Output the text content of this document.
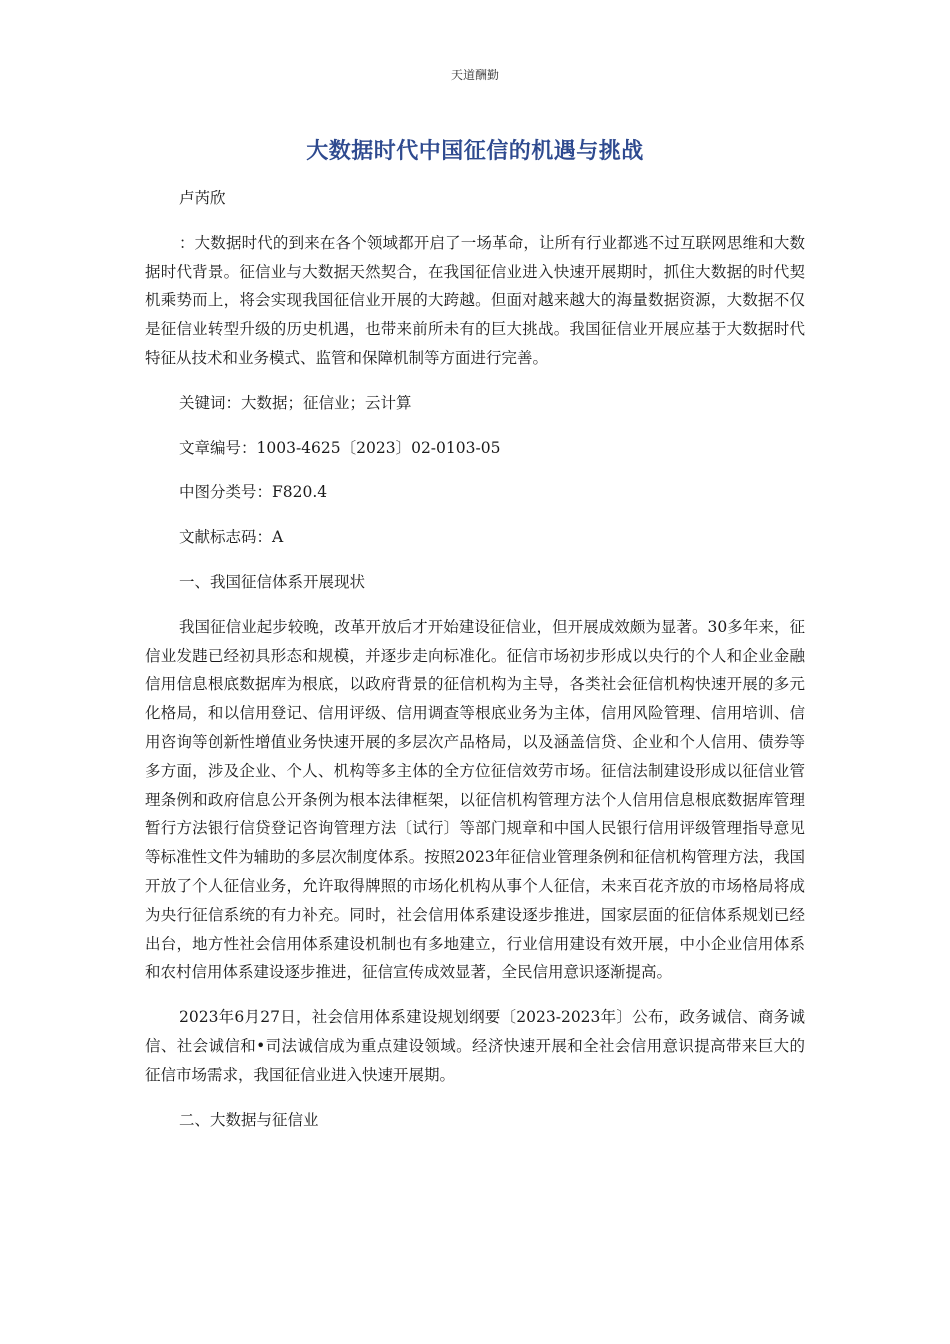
天道酬勤
大数据时代中国征信的机遇与挑战

卢芮欣

：大数据时代的到来在各个领域都开启了一场革命，让所有行业都逃不过互联网思维和大数据时代背景。征信业与大数据天然契合，在我国征信业进入快速开展期时，抓住大数据的时代契机乘势而上，将会实现我国征信业开展的大跨越。但面对越来越大的海量数据资源，大数据不仅是征信业转型升级的历史机遇，也带来前所未有的巨大挑战。我国征信业开展应基于大数据时代特征从技术和业务模式、监管和保障机制等方面进行完善。

关键词：大数据；征信业；云计算

文章编号：1003-4625〔2023〕02-0103-05

中图分类号：F820.4

文献标志码：A

一、我国征信体系开展现状

我国征信业起步较晚，改革开放后才开始建设征信业，但开展成效颇为显著。30多年来，征信业发韪已经初具形态和规模，并逐步走向标准化。征信市场初步形成以央行的个人和企业金融信用信息根底数据库为根底，以政府背景的征信机构为主导，各类社会征信机构快速开展的多元化格局，和以信用登记、信用评级、信用调查等根底业务为主体，信用风险管理、信用培训、信用咨询等创新性增值业务快速开展的多层次产品格局，以及涵盖信贷、企业和个人信用、债券等多方面，涉及企业、个人、机构等多主体的全方位征信效劳市场。征信法制建设形成以征信业管理条例和政府信息公开条例为根本法律框架，以征信机构管理方法个人信用信息根底数据库管理暂行方法银行信贷登记咨询管理方法〔试行〕等部门规章和中国人民银行信用评级管理指导意见等标准性文件为辅助的多层次制度体系。按照2023年征信业管理条例和征信机构管理方法，我国开放了个人征信业务，允许取得牌照的市场化机构从事个人征信，未来百花齐放的市场格局将成为央行征信系统的有力补充。同时，社会信用体系建设逐步推进，国家层面的征信体系规划已经出台，地方性社会信用体系建设机制也有多地建立，行业信用建设有效开展，中小企业信用体系和农村信用体系建设逐步推进，征信宣传成效显著，全民信用意识逐渐提高。

2023年6月27日，社会信用体系建设规划纲要〔2023-2023年〕公布，政务诚信、商务诚信、社会诚信和•司法诚信成为重点建设领域。经济快速开展和全社会信用意识提高带来巨大的征信市场需求，我国征信业进入快速开展期。

二、大数据与征信业
